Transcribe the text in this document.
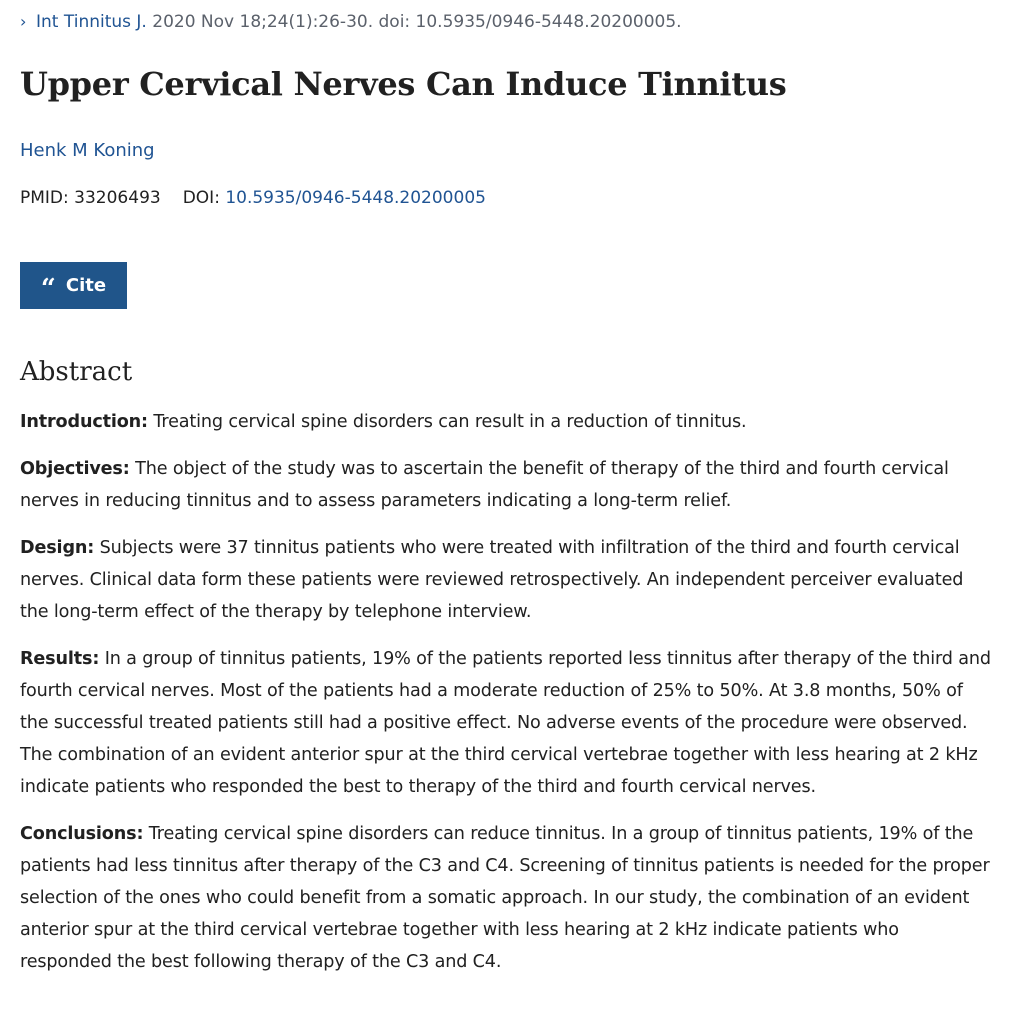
› Int Tinnitus J. 2020 Nov 18;24(1):26-30. doi: 10.5935/0946-5448.20200005.
Upper Cervical Nerves Can Induce Tinnitus
Henk M Koning
PMID: 33206493 DOI: 10.5935/0946-5448.20200005
“ Cite
Abstract

Introduction: Treating cervical spine disorders can result in a reduction of tinnitus.

Objectives: The object of the study was to ascertain the benefit of therapy of the third and fourth cervical nerves in reducing tinnitus and to assess parameters indicating a long-term relief.

Design: Subjects were 37 tinnitus patients who were treated with infiltration of the third and fourth cervical nerves. Clinical data form these patients were reviewed retrospectively. An independent perceiver evaluated the long-term effect of the therapy by telephone interview.

Results: In a group of tinnitus patients, 19% of the patients reported less tinnitus after therapy of the third and fourth cervical nerves. Most of the patients had a moderate reduction of 25% to 50%. At 3.8 months, 50% of the successful treated patients still had a positive effect. No adverse events of the procedure were observed. The combination of an evident anterior spur at the third cervical vertebrae together with less hearing at 2 kHz indicate patients who responded the best to therapy of the third and fourth cervical nerves.

Conclusions: Treating cervical spine disorders can reduce tinnitus. In a group of tinnitus patients, 19% of the patients had less tinnitus after therapy of the C3 and C4. Screening of tinnitus patients is needed for the proper selection of the ones who could benefit from a somatic approach. In our study, the combination of an evident anterior spur at the third cervical vertebrae together with less hearing at 2 kHz indicate patients who responded the best following therapy of the C3 and C4.
